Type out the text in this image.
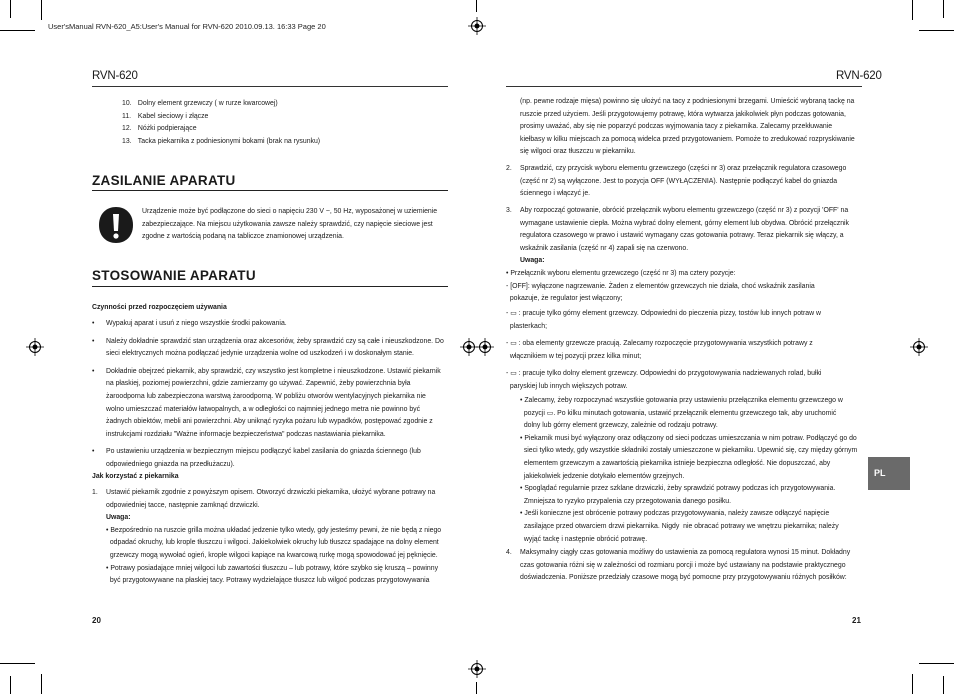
User'sManual RVN-620_A5:User's Manual for RVN-620 2010.09.13. 16:33 Page 20
RVN-620
10. Dolny element grzewczy ( w rurze kwarcowej)
11. Kabel sieciowy i złącze
12. Nóżki podpierające
13. Tacka piekarnika z podniesionymi bokami (brak na rysunku)
ZASILANIE APARATU
Urządzenie może być podłączone do sieci o napięciu 230 V ~, 50 Hz, wyposażonej w uziemienie
zabezpieczające. Na miejscu użytkowania zawsze należy sprawdzić, czy napięcie sieciowe jest
zgodne z wartością podaną na tabliczce znamionowej urządzenia.
STOSOWANIE APARATU
Czynności przed rozpoczęciem używania
•	Wypakuj aparat i usuń z niego wszystkie środki pakowania.
•	Należy dokładnie sprawdzić stan urządzenia oraz akcesoriów, żeby sprawdzić czy są całe i nieuszkodzone. Do
sieci elektrycznych można podłączać jedynie urządzenia wolne od uszkodzeń i w doskonałym stanie.
•	Dokładnie obejrzeć piekarnik, aby sprawdzić, czy wszystko jest kompletne i nieuszkodzone. Ustawić piekarnik
na płaskiej, poziomej powierzchni, gdzie zamierzamy go używać. Zapewnić, żeby powierzchnia była
żaroodporna lub zabezpieczona warstwą żaroodporną. W pobliżu otworów wentylacyjnych piekarnika nie
wolno umieszczać materiałów łatwopalnych, a w odległości co najmniej jednego metra nie powinno być
żadnych obiektów, mebli ani powierzchni. Aby uniknąć ryzyka pożaru lub wypadków, postępować zgodnie z
instrukcjami rozdziału "Ważne informacje bezpieczeństwa" podczas nastawiania piekarnika.
•	Po ustawieniu urządzenia w bezpiecznym miejscu podłączyć kabel zasilania do gniazda ściennego (lub
odpowiedniego gniazda na przedłużaczu).
Jak korzystać z piekarnika
1.	Ustawić piekarnik zgodnie z powyższym opisem. Otworzyć drzwiczki piekarnika, ułożyć wybrane potrawy na
odpowiedniej tacce, następnie zamknąć drzwiczki.
Uwaga:
• Bezpośrednio na ruszcie grilla można układać jedzenie tylko wtedy, gdy jesteśmy pewni, że nie będą z niego
odpadać okruchy, lub krople tłuszczu i wilgoci. Jakiekolwiek okruchy lub tłuszcz spadające na dolny element
grzewczy mogą wywołać ogień, krople wilgoci kapiące na kwarcową rurkę mogą spowodować jej pęknięcie.
• Potrawy posiadające mniej wilgoci lub zawartości tłuszczu – lub potrawy, które szybko się kruszą – powinny
być przygotowywane na płaskiej tacy. Potrawy wydzielające tłuszcz lub wilgoć podczas przygotowywania
20
RVN-620
(np. pewne rodzaje mięsa) powinno się ułożyć na tacy z podniesionymi brzegami. Umieścić wybraną tackę na
ruszcie przed użyciem. Jeśli przygotowujemy potrawę, która wytwarza jakikolwiek płyn podczas gotowania,
prosimy uważać, aby się nie poparzyć podczas wyjmowania tacy z piekarnika. Zalecamy przekłuwanie
kiełbasy w kilku miejscach za pomocą widelca przed przygotowaniem. Pomoże to zredukować rozpryskiwanie
się wilgoci oraz tłuszczu w piekarniku.
2.	Sprawdzić, czy przycisk wyboru elementu grzewczego (części nr 3) oraz przełącznik regulatora czasowego
(część nr 2) są wyłączone. Jest to pozycja OFF (WYŁĄCZENIA). Następnie podłączyć kabel do gniazda
ściennego i włączyć je.
3.	Aby rozpocząć gotowanie, obrócić przełącznik wyboru elementu grzewczego (część nr 3) z pozycji 'OFF' na
wymagane ustawienie ciepła. Można wybrać dolny element, górny element lub obydwa. Obrócić przełącznik
regulatora czasowego w prawo i ustawić wymagany czas gotowania potrawy. Teraz piekarnik się włączy, a
wskaźnik zasilania (część nr 4) zapali się na czerwono.
Uwaga:
• Przełącznik wyboru elementu grzewczego (część nr 3) ma cztery pozycje:
- [OFF]: wyłączone nagrzewanie. Żaden z elementów grzewczych nie działa, choć wskaźnik zasilania
pokazuje, że regulator jest włączony;
- ▭ : pracuje tylko górny element grzewczy. Odpowiedni do pieczenia pizzy, tostów lub innych potraw w
plasterkach;
- ▭ : oba elementy grzewcze pracują. Zalecamy rozpoczęcie przygotowywania wszystkich potrawy z
włącznikiem w tej pozycji przez kilka minut;
- ▭ : pracuje tylko dolny element grzewczy. Odpowiedni do przygotowywania nadziewanych rolad, bułki
paryskiej lub innych większych potraw.
• Zalecamy, żeby rozpoczynać wszystkie gotowania przy ustawieniu przełącznika elementu grzewczego w
pozycji ▭. Po kilku minutach gotowania, ustawić przełącznik elementu grzewczego tak, aby uruchomić
dolny lub górny element grzewczy, zależnie od rodzaju potrawy.
• Piekarnik musi być wyłączony oraz odłączony od sieci podczas umieszczania w nim potraw. Podłączyć go do
sieci tylko wtedy, gdy wszystkie składniki zostały umieszczone w piekarniku. Upewnić się, czy między górnym
elementem grzewczym a zawartością piekarnika istnieje bezpieczna odległość. Nie dopuszczać, aby
jakiekolwiek jedzenie dotykało elementów grzejnych.
• Spoglądać regularnie przez szklane drzwiczki, żeby sprawdzić potrawy podczas ich przygotowywania.
Zmniejsza to ryzyko przypalenia czy przegotowania danego posiłku.
• Jeśli konieczne jest obrócenie potrawy podczas przygotowywania, należy zawsze odłączyć napięcie
zasilające przed otwarciem drzwi piekarnika. Nigdy  nie obracać potrawy we wnętrzu piekarnika; należy
wyjąć tackę i następnie obrócić potrawę.
4.	Maksymalny ciągły czas gotowania możliwy do ustawienia za pomocą regulatora wynosi 15 minut. Dokładny
czas gotowania różni się w zależności od rozmiaru porcji i może być ustawiany na podstawie praktycznego
doświadczenia. Poniższe przedziały czasowe mogą być pomocne przy przygotowywaniu różnych posiłków:
21
PL
